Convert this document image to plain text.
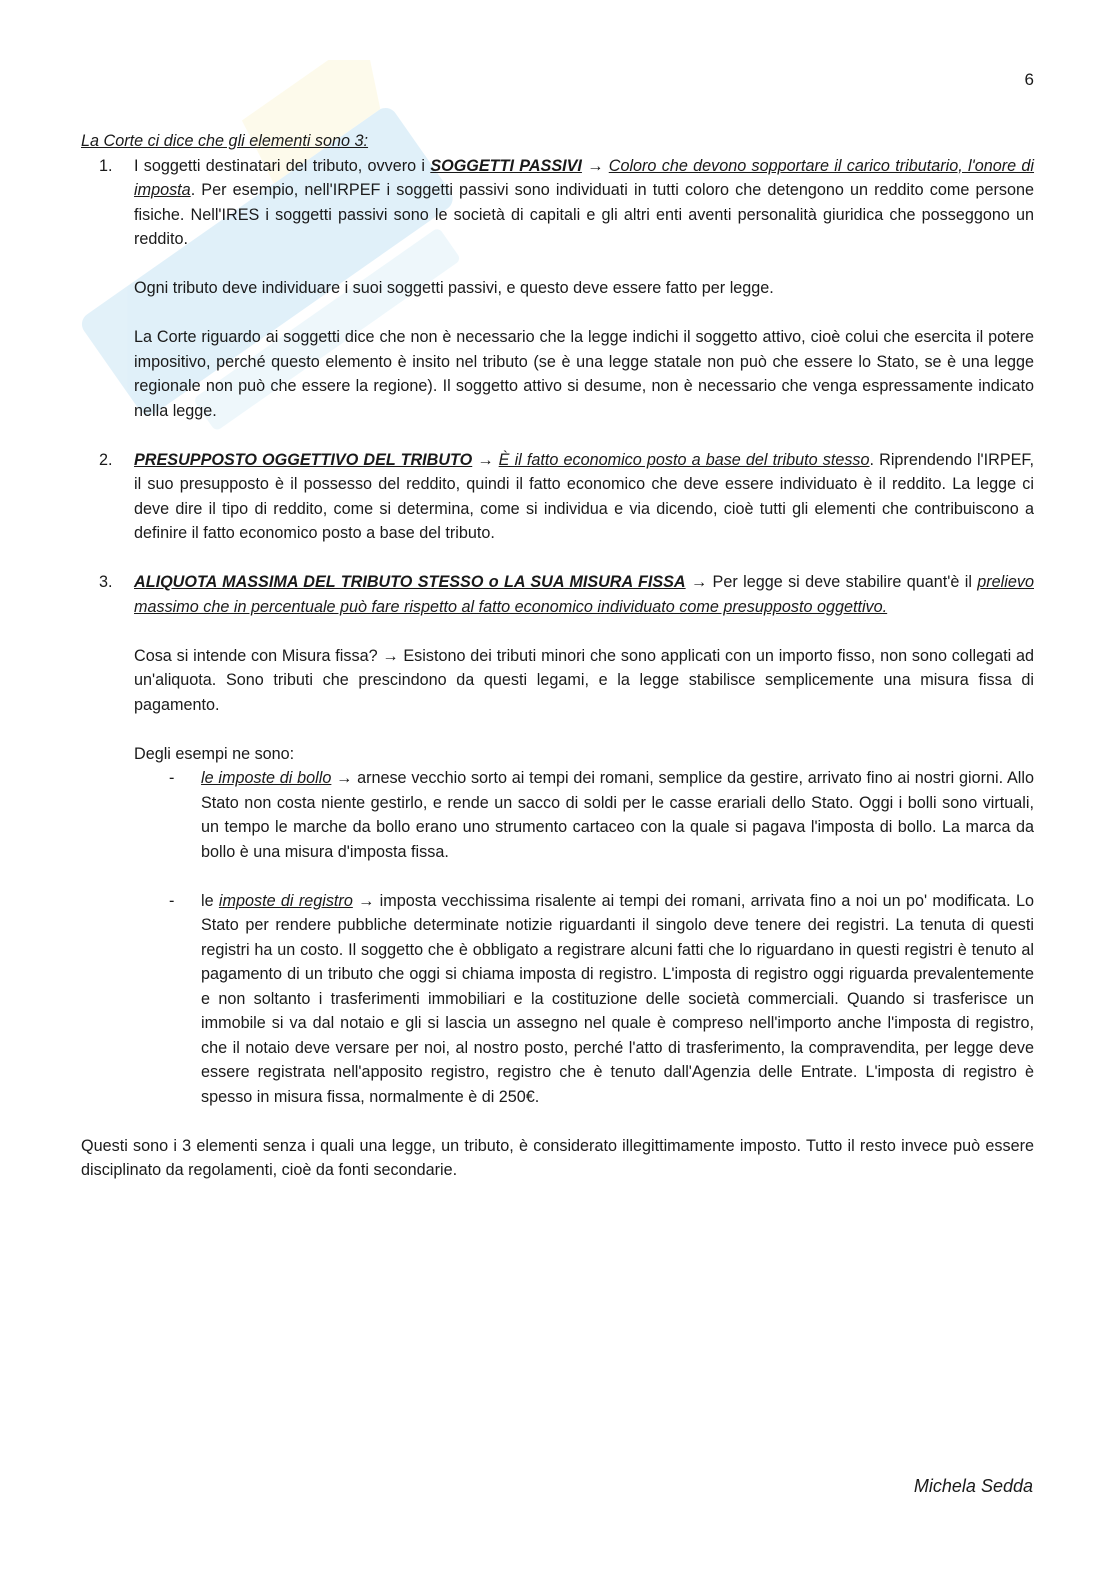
6

La Corte ci dice che gli elementi sono 3:

1. I soggetti destinatari del tributo, ovvero i SOGGETTI PASSIVI → Coloro che devono sopportare il carico tributario, l'onore di imposta. Per esempio, nell'IRPEF i soggetti passivi sono individuati in tutti coloro che detengono un reddito come persone fisiche. Nell'IRES i soggetti passivi sono le società di capitali e gli altri enti aventi personalità giuridica che posseggono un reddito.

Ogni tributo deve individuare i suoi soggetti passivi, e questo deve essere fatto per legge.

La Corte riguardo ai soggetti dice che non è necessario che la legge indichi il soggetto attivo, cioè colui che esercita il potere impositivo, perché questo elemento è insito nel tributo (se è una legge statale non può che essere lo Stato, se è una legge regionale non può che essere la regione). Il soggetto attivo si desume, non è necessario che venga espressamente indicato nella legge.

2. PRESUPPOSTO OGGETTIVO DEL TRIBUTO → È il fatto economico posto a base del tributo stesso. Riprendendo l'IRPEF, il suo presupposto è il possesso del reddito, quindi il fatto economico che deve essere individuato è il reddito. La legge ci deve dire il tipo di reddito, come si determina, come si individua e via dicendo, cioè tutti gli elementi che contribuiscono a definire il fatto economico posto a base del tributo.

3. ALIQUOTA MASSIMA DEL TRIBUTO STESSO o LA SUA MISURA FISSA → Per legge si deve stabilire quant'è il prelievo massimo che in percentuale può fare rispetto al fatto economico individuato come presupposto oggettivo.

Cosa si intende con Misura fissa? → Esistono dei tributi minori che sono applicati con un importo fisso, non sono collegati ad un'aliquota. Sono tributi che prescindono da questi legami, e la legge stabilisce semplicemente una misura fissa di pagamento.

Degli esempi ne sono:

- le imposte di bollo → arnese vecchio sorto ai tempi dei romani, semplice da gestire, arrivato fino ai nostri giorni. Allo Stato non costa niente gestirlo, e rende un sacco di soldi per le casse erariali dello Stato. Oggi i bolli sono virtuali, un tempo le marche da bollo erano uno strumento cartaceo con la quale si pagava l'imposta di bollo. La marca da bollo è una misura d'imposta fissa.

- le imposte di registro → imposta vecchissima risalente ai tempi dei romani, arrivata fino a noi un po' modificata. Lo Stato per rendere pubbliche determinate notizie riguardanti il singolo deve tenere dei registri. La tenuta di questi registri ha un costo. Il soggetto che è obbligato a registrare alcuni fatti che lo riguardano in questi registri è tenuto al pagamento di un tributo che oggi si chiama imposta di registro. L'imposta di registro oggi riguarda prevalentemente e non soltanto i trasferimenti immobiliari e la costituzione delle società commerciali. Quando si trasferisce un immobile si va dal notaio e gli si lascia un assegno nel quale è compreso nell'importo anche l'imposta di registro, che il notaio deve versare per noi, al nostro posto, perché l'atto di trasferimento, la compravendita, per legge deve essere registrata nell'apposito registro, registro che è tenuto dall'Agenzia delle Entrate. L'imposta di registro è spesso in misura fissa, normalmente è di 250€.

Questi sono i 3 elementi senza i quali una legge, un tributo, è considerato illegittimamente imposto. Tutto il resto invece può essere disciplinato da regolamenti, cioè da fonti secondarie.

Michela Sedda
